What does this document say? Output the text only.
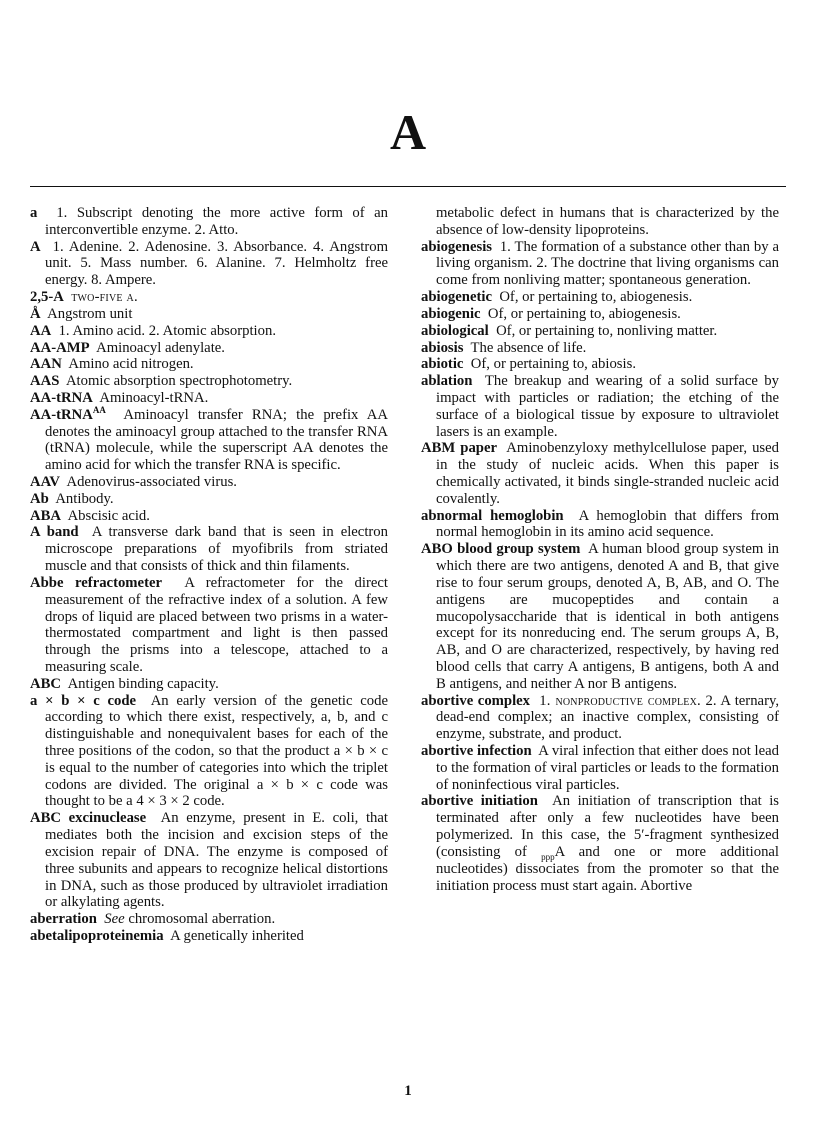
A

a 1. Subscript denoting the more active form of an interconvertible enzyme. 2. Atto.

A 1. Adenine. 2. Adenosine. 3. Absorbance. 4. Angstrom unit. 5. Mass number. 6. Alanine. 7. Helmholtz free energy. 8. Ampere.

2,5-A two-five a.

Å Angstrom unit

AA 1. Amino acid. 2. Atomic absorption.

AA-AMP Aminoacyl adenylate.

AAN Amino acid nitrogen.

AAS Atomic absorption spectrophotometry.

AA-tRNA Aminoacyl-tRNA.

AA-tRNA$^{AA}$ Aminoacyl transfer RNA; the prefix AA denotes the aminoacyl group attached to the transfer RNA (tRNA) molecule, while the superscript AA denotes the amino acid for which the transfer RNA is specific.

AAV Adenovirus-associated virus.

Ab Antibody.

ABA Abscisic acid.

A band A transverse dark band that is seen in electron microscope preparations of myofibrils from striated muscle and that consists of thick and thin filaments.

Abbe refractometer A refractometer for the direct measurement of the refractive index of a solution. A few drops of liquid are placed between two prisms in a water-thermostated compartment and light is then passed through the prisms into a telescope, attached to a measuring scale.

ABC Antigen binding capacity.

a × b × c code An early version of the genetic code according to which there exist, respectively, a, b, and c distinguishable and nonequivalent bases for each of the three positions of the codon, so that the product a × b × c is equal to the number of categories into which the triplet codons are divided. The original a × b × c code was thought to be a 4 × 3 × 2 code.

ABC excinuclease An enzyme, present in E. coli, that mediates both the incision and excision steps of the excision repair of DNA. The enzyme is composed of three subunits and appears to recognize helical distortions in DNA, such as those produced by ultraviolet irradiation or alkylating agents.

aberration See chromosomal aberration.

abetalipoproteinemia A genetically inherited

metabolic defect in humans that is characterized by the absence of low-density lipoproteins.

abiogenesis 1. The formation of a substance other than by a living organism. 2. The doctrine that living organisms can come from nonliving matter; spontaneous generation.

abiogenetic Of, or pertaining to, abiogenesis.

abiogenic Of, or pertaining to, abiogenesis.

abiological Of, or pertaining to, nonliving matter.

abiosis The absence of life.

abiotic Of, or pertaining to, abiosis.

ablation The breakup and wearing of a solid surface by impact with particles or radiation; the etching of the surface of a biological tissue by exposure to ultraviolet lasers is an example.

ABM paper Aminobenzyloxy methylcellulose paper, used in the study of nucleic acids. When this paper is chemically activated, it binds single-stranded nucleic acid covalently.

abnormal hemoglobin A hemoglobin that differs from normal hemoglobin in its amino acid sequence.

ABO blood group system A human blood group system in which there are two antigens, denoted A and B, that give rise to four serum groups, denoted A, B, AB, and O. The antigens are mucopeptides and contain a mucopolysaccharide that is identical in both antigens except for its nonreducing end. The serum groups A, B, AB, and O are characterized, respectively, by having red blood cells that carry A antigens, B antigens, both A and B antigens, and neither A nor B antigens.

abortive complex 1. nonproductive complex. 2. A ternary, dead-end complex; an inactive complex, consisting of enzyme, substrate, and product.

abortive infection A viral infection that either does not lead to the formation of viral particles or leads to the formation of noninfectious viral particles.

abortive initiation An initiation of transcription that is terminated after only a few nucleotides have been polymerized. In this case, the 5′-fragment synthesized (consisting of $_{ppp}$A and one or more additional nucleotides) dissociates from the promoter so that the initiation process must start again. Abortive

1
